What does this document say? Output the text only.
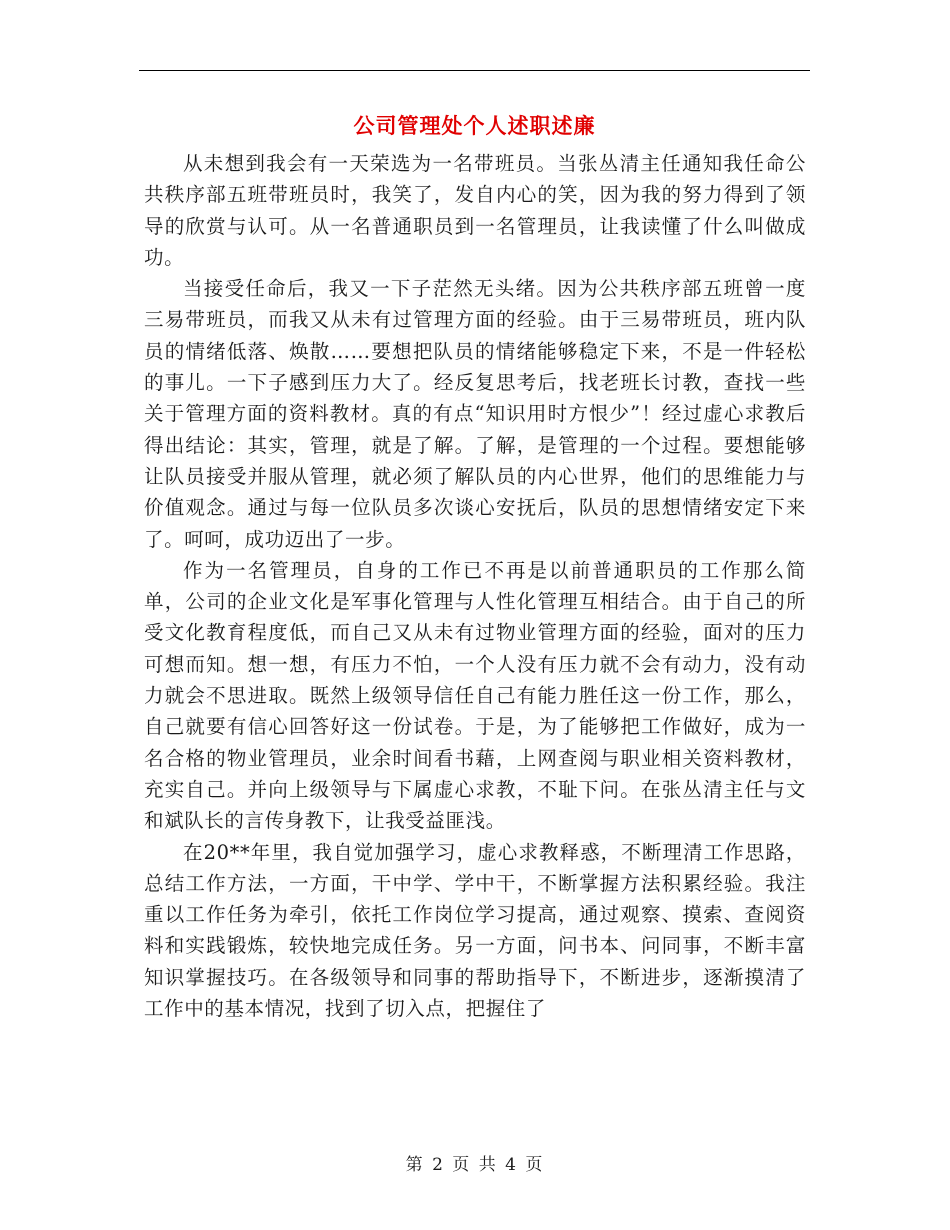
公司管理处个人述职述廉

从未想到我会有一天荣选为一名带班员。当张丛清主任通知我任命公共秩序部五班带班员时，我笑了，发自内心的笑，因为我的努力得到了领导的欣赏与认可。从一名普通职员到一名管理员，让我读懂了什么叫做成功。

当接受任命后，我又一下子茫然无头绪。因为公共秩序部五班曾一度三易带班员，而我又从未有过管理方面的经验。由于三易带班员，班内队员的情绪低落、焕散……要想把队员的情绪能够稳定下来，不是一件轻松的事儿。一下子感到压力大了。经反复思考后，找老班长讨教，查找一些关于管理方面的资料教材。真的有点“知识用时方恨少”！经过虚心求教后得出结论：其实，管理，就是了解。了解，是管理的一个过程。要想能够让队员接受并服从管理，就必须了解队员的内心世界，他们的思维能力与价值观念。通过与每一位队员多次谈心安抚后，队员的思想情绪安定下来了。呵呵，成功迈出了一步。

作为一名管理员，自身的工作已不再是以前普通职员的工作那么简单，公司的企业文化是军事化管理与人性化管理互相结合。由于自己的所受文化教育程度低，而自己又从未有过物业管理方面的经验，面对的压力可想而知。想一想，有压力不怕，一个人没有压力就不会有动力，没有动力就会不思进取。既然上级领导信任自己有能力胜任这一份工作，那么，自己就要有信心回答好这一份试卷。于是，为了能够把工作做好，成为一名合格的物业管理员，业余时间看书藉，上网查阅与职业相关资料教材，充实自己。并向上级领导与下属虚心求教，不耻下问。在张丛清主任与文和斌队长的言传身教下，让我受益匪浅。

在20**年里，我自觉加强学习，虚心求教释惑，不断理清工作思路，总结工作方法，一方面，干中学、学中干，不断掌握方法积累经验。我注重以工作任务为牵引，依托工作岗位学习提高，通过观察、摸索、查阅资料和实践锻炼，较快地完成任务。另一方面，问书本、问同事，不断丰富知识掌握技巧。在各级领导和同事的帮助指导下，不断进步，逐渐摸清了工作中的基本情况，找到了切入点，把握住了

第 2 页 共 4 页
